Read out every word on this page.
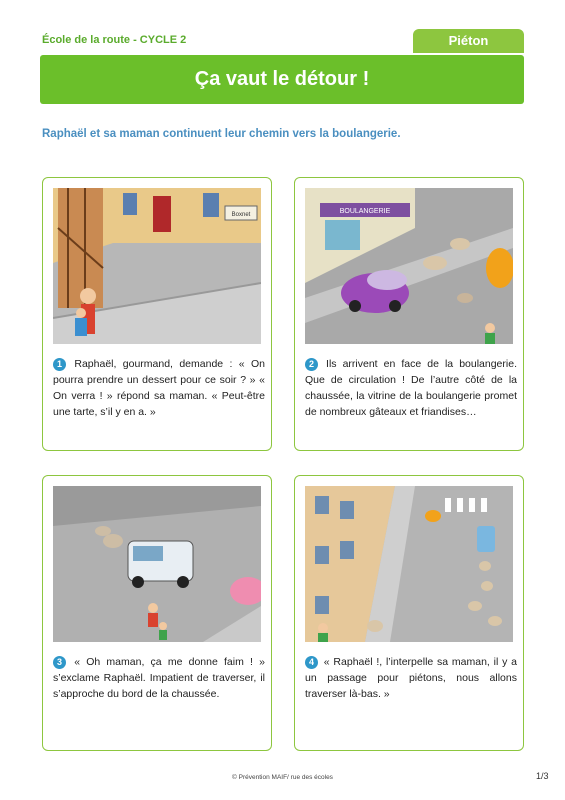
École de la route - CYCLE 2	Piéton
Ça vaut le détour !
Raphaël et sa maman continuent leur chemin vers la boulangerie.
Boxnet
1 Raphaël, gourmand, demande : « On pourra prendre un dessert pour ce soir ? » « On verra ! » répond sa maman. « Peut-être une tarte, s’il y en a. »
BOULANGERIE
2 Ils arrivent en face de la boulangerie. Que de circulation ! De l’autre côté de la chaussée, la vitrine de la boulangerie promet de nombreux gâteaux et friandises…
3 « Oh maman, ça me donne faim ! » s’exclame Raphaël. Impatient de traverser, il s’approche du bord de la chaussée.
4 « Raphaël !, l’interpelle sa maman, il y a un passage pour piétons, nous allons traverser là-bas. »
© Prévention MAIF/ rue des écoles	1/3
